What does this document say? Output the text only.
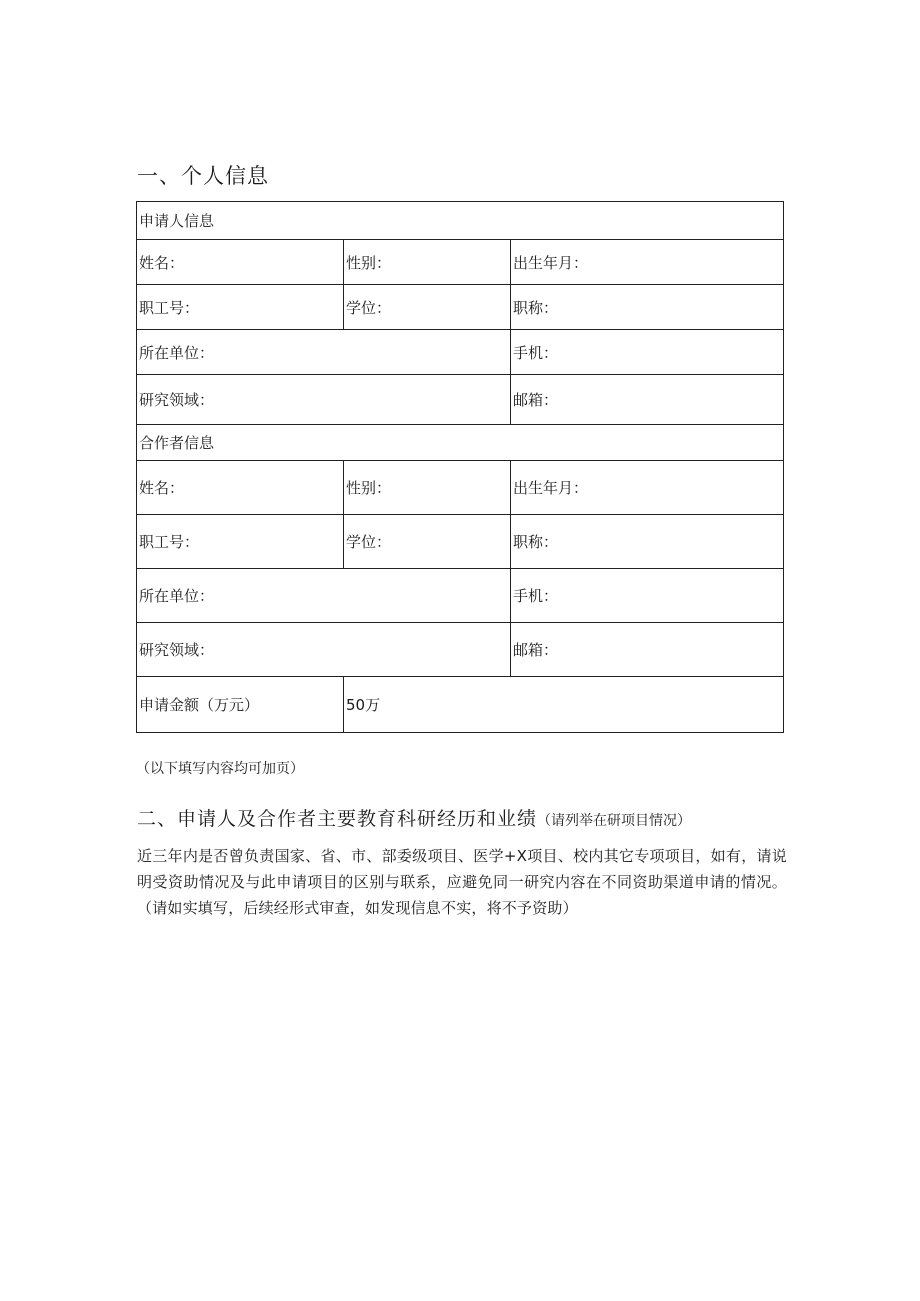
一、个人信息
申请人信息		
姓名：	性别：	出生年月：
职工号：	学位：	职称：
所在单位：		手机：
研究领域：		邮箱：
合作者信息		
姓名：	性别：	出生年月：
职工号：	学位：	职称：
所在单位：		手机：
研究领域：		邮箱：
申请金额（万元）	50万	
（以下填写内容均可加页）
二、申请人及合作者主要教育科研经历和业绩（请列举在研项目情况）
近三年内是否曾负责国家、省、市、部委级项目、医学+X项目、校内其它专项项目，如有，请说明受资助情况及与此申请项目的区别与联系，应避免同一研究内容在不同资助渠道申请的情况。（请如实填写，后续经形式审查，如发现信息不实，将不予资助）
